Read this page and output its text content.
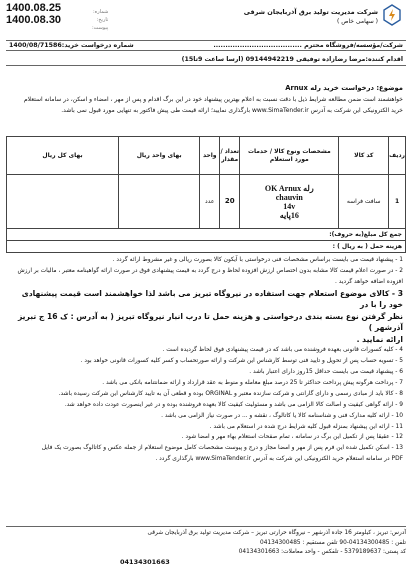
1400.08.25
1400.08.30
شماره:
تاریخ:
پیوست:
شرکت مدیریت تولید برق آذربایجان شرقی
( سهامی خاص )
شرکت/مؤسسه/فروشگاه محترم .....................................
شماره درخواست خرید:1400/08/71586
اقدام کننده:مرضا رضازاده توفیقی 09144942219 (ارسا ساعت 9تا15)
موضوع: درخواست خرید رله Arnux
خواهشمند است ضمن مطالعه شرایط ذیل با دقت نسبت به اعلام بهترین پیشنهاد خود در این برگ اقدام و پس از مهر ، امضاء و اسکن، در سامانه استعلام
خرید الکترونیکی این شرکت به آدرس www.SimaTender.ir بارگذاری نمایید؛ ارائه قیمت طی پیش فاکتور به تنهایی مورد قبول نمی باشد.
ردیف	کد کالا	مشخصات ونوع کالا / خدمات مورد استعلام	تعداد / مقدار	واحد	بهای واحد ریال	بهای کل ریال
1	سافت فراسه	رله OK Arnux
chauvin
14v
16پایه	20	عدد		
جمع کل مبلغ(به حروف):						
هزینه حمل ( به ریال ) :						
1 - پیشنهاد قیمت می بایست براساس مشخصات فنی درخواستی با آیکون کالا بصورت ریالی و غیر مشروط ارائه گردد .
2 - در صورت اعلام قیمت کالا مشابه بدون اختصاص ارزش افزوده لحاظ و درج گردد به قیمت پیشنهادی فوق در صورت ارائه گواهینامه معتبر ، مالیات بر ارزش
افزوده اضافه خواهد گردید .
3 - کالای موضوع استعلام جهت استفاده در نیروگاه تبریز می باشد لذا خواهشمند است قیمت پیشنهادی خود را با در
نظر گرفتن نوع بسته بندی درخواستی و هزینه حمل تا درب انبار نیروگاه تبریز ( به آدرس : ک 16 ج تبریز آذرشهر )
ارائه نمایید .
4 - کلیه کسورات قانونی بعهده فروشنده می باشد که در قیمت پیشنهادی فوق لحاظ گردیده است .
5 - تسویه حساب پس از تحویل و تایید فنی توسط کارشناس این شرکت و ارائه صورتحساب و کسر کلیه کسورات قانونی خواهد بود .
6 - پیشنهاد قیمت می بایست حداقل 15روز دارای اعتبار باشد .
7 - پرداخت هرگونه پیش پرداخت حداکثر تا 25 درصد مبلغ معامله و منوط به عقد قرارداد و ارائه ضمانتنامه بانکی می باشد .
8 - کالا باید از مبادی رسمی و دارای گارانتی و شرکت سازنده معتبر و ORGINAL بوده و قطعی آن به تایید کارشناس این شرکت رسیده باشد.
9 - ارائه گواهی کیفیت و اصالت کالا الزامی می باشد و مسئولیت کیفیت کالا بعهده فروشنده بوده و در غیر اینصورت عودت داده خواهد شد.
10 - ارائه کلیه مدارک فنی و شناسنامه کالا یا کاتالوگ ، نقشه و ... در صورت نیاز الزامی می باشد .
11 - ارائه این پیشنهاد بمنزله قبول کلیه شرایط درج شده در استعلام می باشد .
12 - عقیقا پس از تکمیل این برگ در سامانه ، تمام صفحات استعلام بهاء مهر و امضا شود .
13 - اسکن تکمیل شده این فرم پس از مهر و امضا مجاز و درج و پیوست مشخصات کامل موضوع استعلام از جمله عکس و کاتالوگ بصورت یک فایل
PDF در سامانه استعلام خرید الکترونیکی این شرکت به آدرس www.SimaTender.ir بارگذاری گردد .
آدرس: تبریز ، کیلومتر 16 جاده آذرشهر – نیروگاه حرارتی تبریز – شرکت مدیریت تولید برق آذربایجان شرقی
تلفن : 04134300485-90 تلفن مستقیم : 04134300485
کد پستی: 5379189637 - تلفکس - واحد معاملات: 04134301663
04134301663
